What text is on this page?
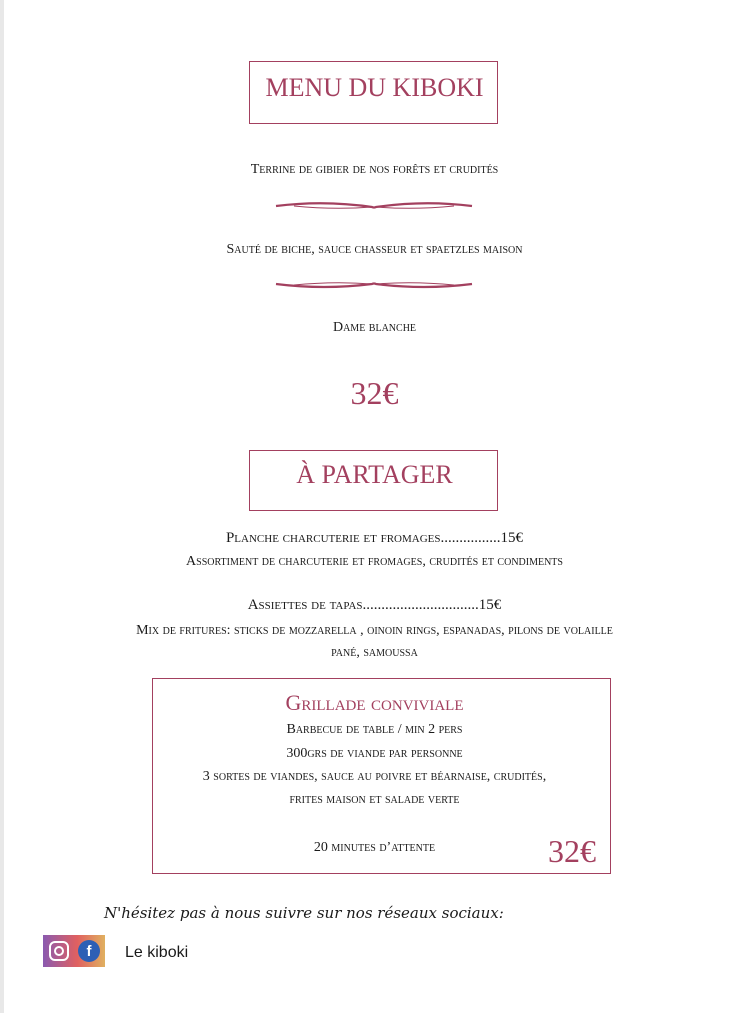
MENU DU KIBOKI
Terrine de gibier de nos forêts et crudités
Sauté de biche, sauce chasseur et spaetzles maison
Dame blanche
32€
À PARTAGER
Planche charcuterie et fromages................15€
Assortiment de charcuterie et fromages, crudités et condiments
Assiettes de tapas...............................15€
Mix de fritures: sticks de mozzarella , oinoin rings, espanadas, pilons de volaille
pané, samoussa
Grillade conviviale
Barbecue de table / min 2 pers
300grs de viande par personne
3 sortes de viandes, sauce au poivre et béarnaise, crudités,
frites maison et salade verte
20 minutes d’attente	32€
N'hésitez pas à nous suivre sur nos réseaux sociaux:
f	Le kiboki
